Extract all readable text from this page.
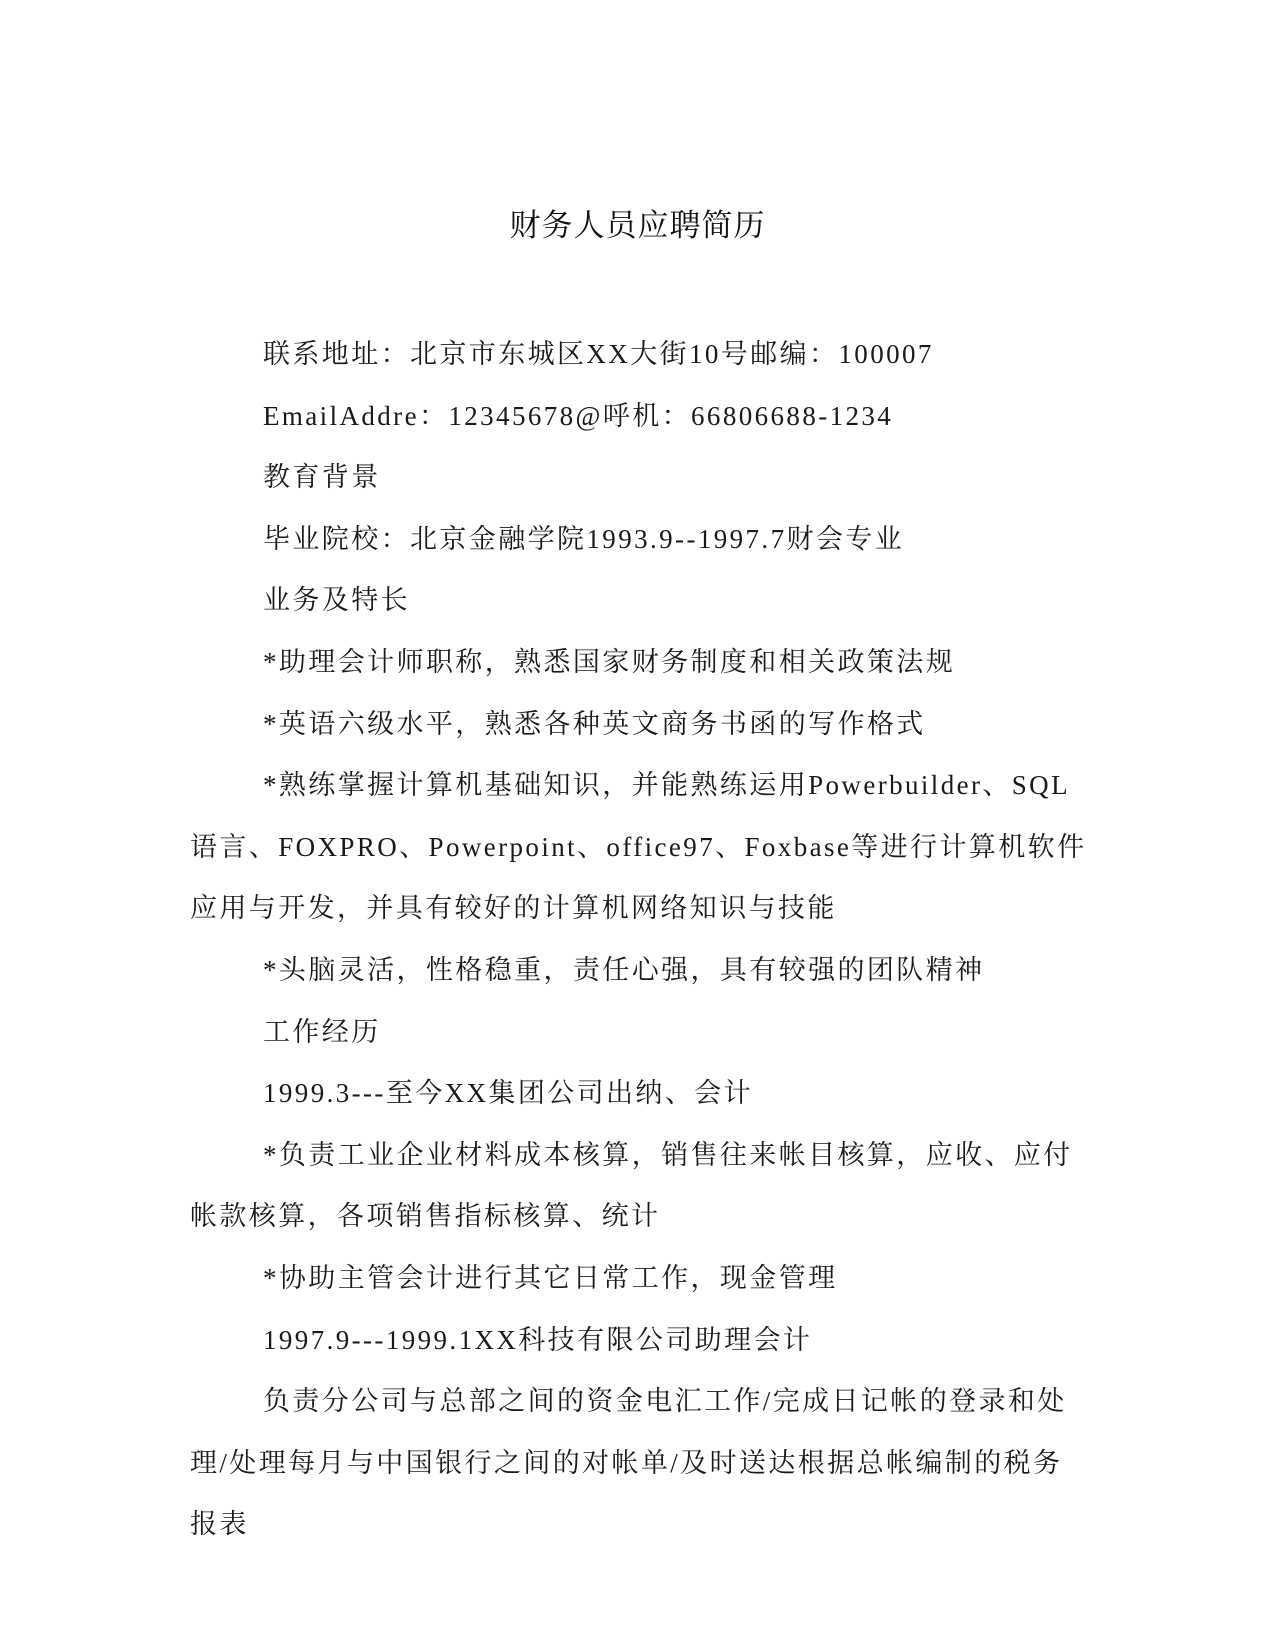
财务人员应聘简历

联系地址：北京市东城区XX大街10号邮编：100007

EmailAddre：12345678@呼机：66806688-1234

教育背景

毕业院校：北京金融学院1993.9--1997.7财会专业

业务及特长

*助理会计师职称，熟悉国家财务制度和相关政策法规

*英语六级水平，熟悉各种英文商务书函的写作格式

*熟练掌握计算机基础知识，并能熟练运用Powerbuilder、SQL语言、FOXPRO、Powerpoint、office97、Foxbase等进行计算机软件应用与开发，并具有较好的计算机网络知识与技能

*头脑灵活，性格稳重，责任心强，具有较强的团队精神

工作经历

1999.3---至今XX集团公司出纳、会计

*负责工业企业材料成本核算，销售往来帐目核算，应收、应付帐款核算，各项销售指标核算、统计

*协助主管会计进行其它日常工作，现金管理

1997.9---1999.1XX科技有限公司助理会计

负责分公司与总部之间的资金电汇工作/完成日记帐的登录和处理/处理每月与中国银行之间的对帐单/及时送达根据总帐编制的税务报表
